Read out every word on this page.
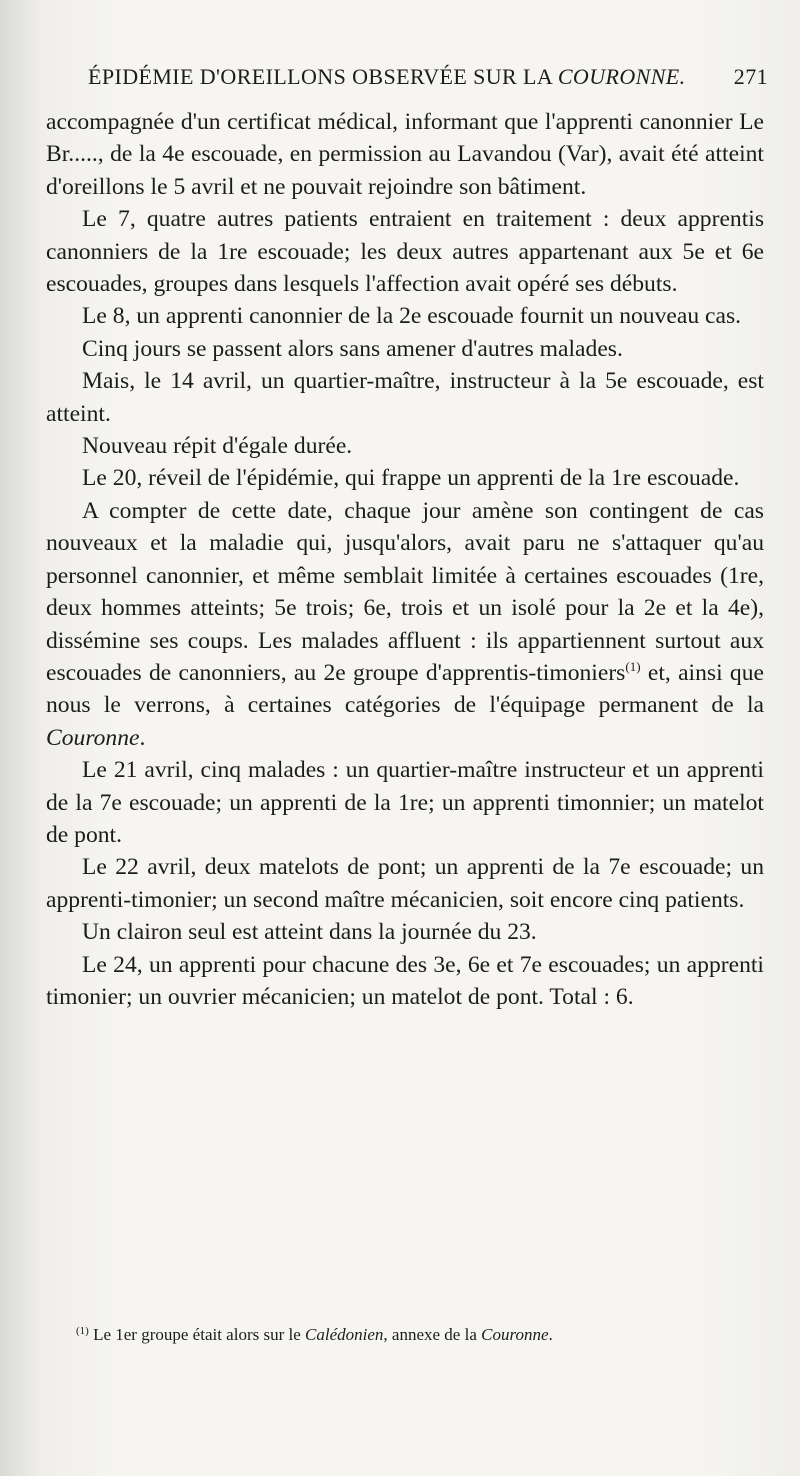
ÉPIDÉMIE D'OREILLONS OBSERVÉE SUR LA COURONNE. 271

accompagnée d'un certificat médical, informant que l'apprenti canonnier Le Br....., de la 4e escouade, en permission au Lavandou (Var), avait été atteint d'oreillons le 5 avril et ne pouvait rejoindre son bâtiment.

Le 7, quatre autres patients entraient en traitement : deux apprentis canonniers de la 1re escouade; les deux autres appartenant aux 5e et 6e escouades, groupes dans lesquels l'affection avait opéré ses débuts.

Le 8, un apprenti canonnier de la 2e escouade fournit un nouveau cas.

Cinq jours se passent alors sans amener d'autres malades.

Mais, le 14 avril, un quartier-maître, instructeur à la 5e escouade, est atteint.

Nouveau répit d'égale durée.

Le 20, réveil de l'épidémie, qui frappe un apprenti de la 1re escouade.

A compter de cette date, chaque jour amène son contingent de cas nouveaux et la maladie qui, jusqu'alors, avait paru ne s'attaquer qu'au personnel canonnier, et même semblait limitée à certaines escouades (1re, deux hommes atteints; 5e trois; 6e, trois et un isolé pour la 2e et la 4e), dissémine ses coups. Les malades affluent : ils appartiennent surtout aux escouades de canonniers, au 2e groupe d'apprentis-timoniers$^{(1)}$ et, ainsi que nous le verrons, à certaines catégories de l'équipage permanent de la Couronne.

Le 21 avril, cinq malades : un quartier-maître instructeur et un apprenti de la 7e escouade; un apprenti de la 1re; un apprenti timonnier; un matelot de pont.

Le 22 avril, deux matelots de pont; un apprenti de la 7e escouade; un apprenti-timonier; un second maître mécanicien, soit encore cinq patients.

Un clairon seul est atteint dans la journée du 23.

Le 24, un apprenti pour chacune des 3e, 6e et 7e escouades; un apprenti timonier; un ouvrier mécanicien; un matelot de pont. Total : 6.

$^{(1)}$ Le 1er groupe était alors sur le Calédonien, annexe de la Couronne.
